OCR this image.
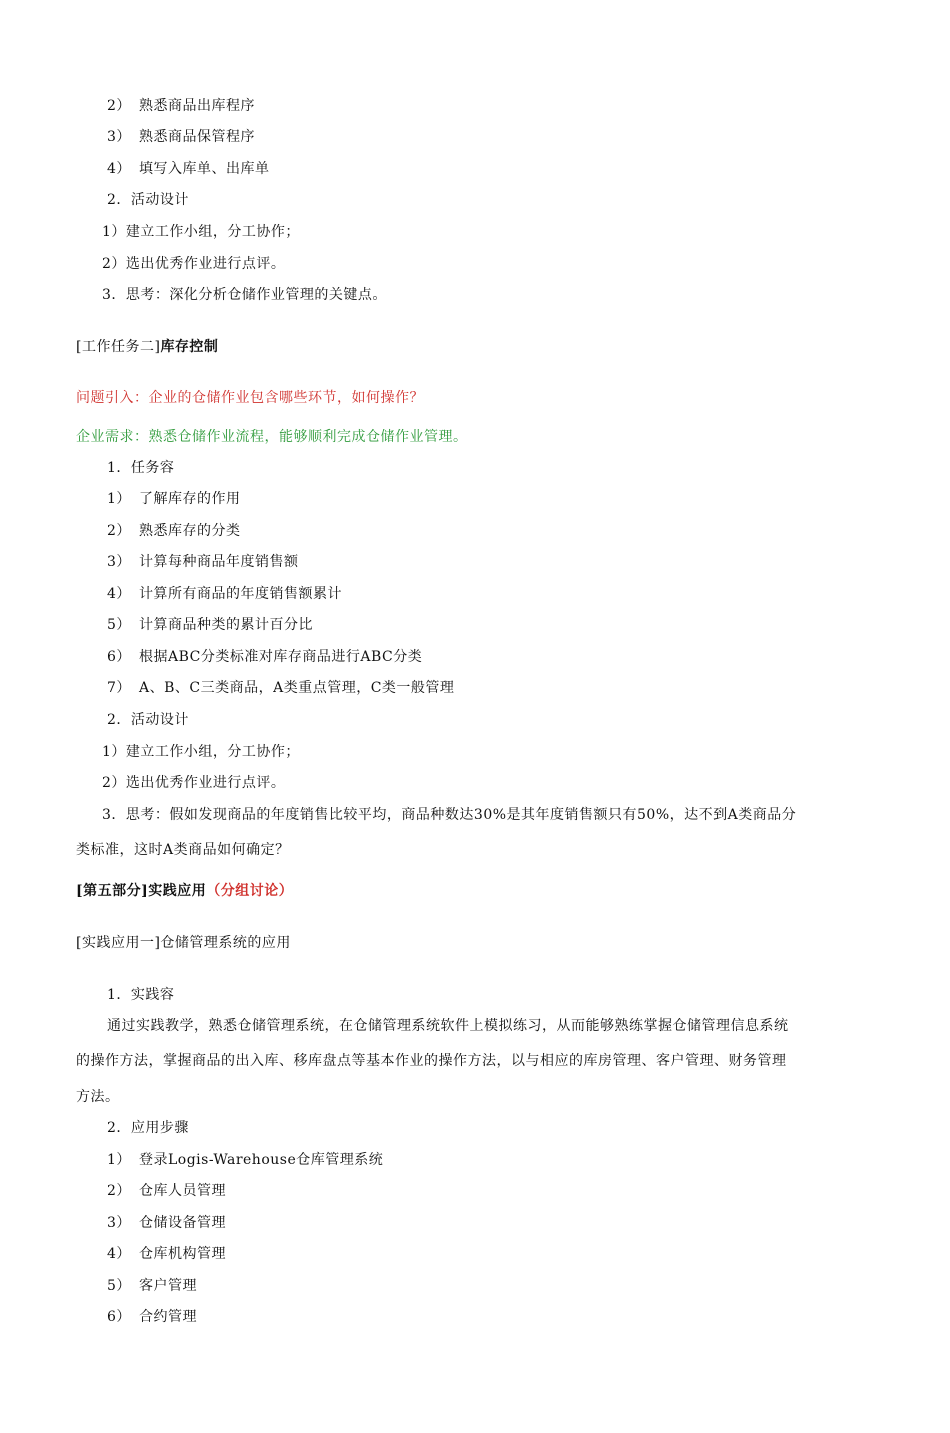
2） 熟悉商品出库程序
3） 熟悉商品保管程序
4） 填写入库单、出库单
2．活动设计
1）建立工作小组，分工协作；
2）选出优秀作业进行点评。
3．思考：深化分析仓储作业管理的关键点。
[工作任务二]库存控制
问题引入：企业的仓储作业包含哪些环节，如何操作？
企业需求：熟悉仓储作业流程，能够顺利完成仓储作业管理。
1．任务容
1） 了解库存的作用
2） 熟悉库存的分类
3） 计算每种商品年度销售额
4） 计算所有商品的年度销售额累计
5） 计算商品种类的累计百分比
6） 根据ABC分类标准对库存商品进行ABC分类
7） A、B、C三类商品，A类重点管理，C类一般管理
2．活动设计
1）建立工作小组，分工协作；
2）选出优秀作业进行点评。
3．思考：假如发现商品的年度销售比较平均，商品种数达30%是其年度销售额只有50%，达不到A类商品分
类标准，这时A类商品如何确定？
[第五部分]实践应用（分组讨论）
[实践应用一]仓储管理系统的应用
1．实践容
通过实践教学，熟悉仓储管理系统，在仓储管理系统软件上模拟练习，从而能够熟练掌握仓储管理信息系统
的操作方法，掌握商品的出入库、移库盘点等基本作业的操作方法，以与相应的库房管理、客户管理、财务管理
方法。
2．应用步骤
1） 登录Logis-Warehouse仓库管理系统
2） 仓库人员管理
3） 仓储设备管理
4） 仓库机构管理
5） 客户管理
6） 合约管理
